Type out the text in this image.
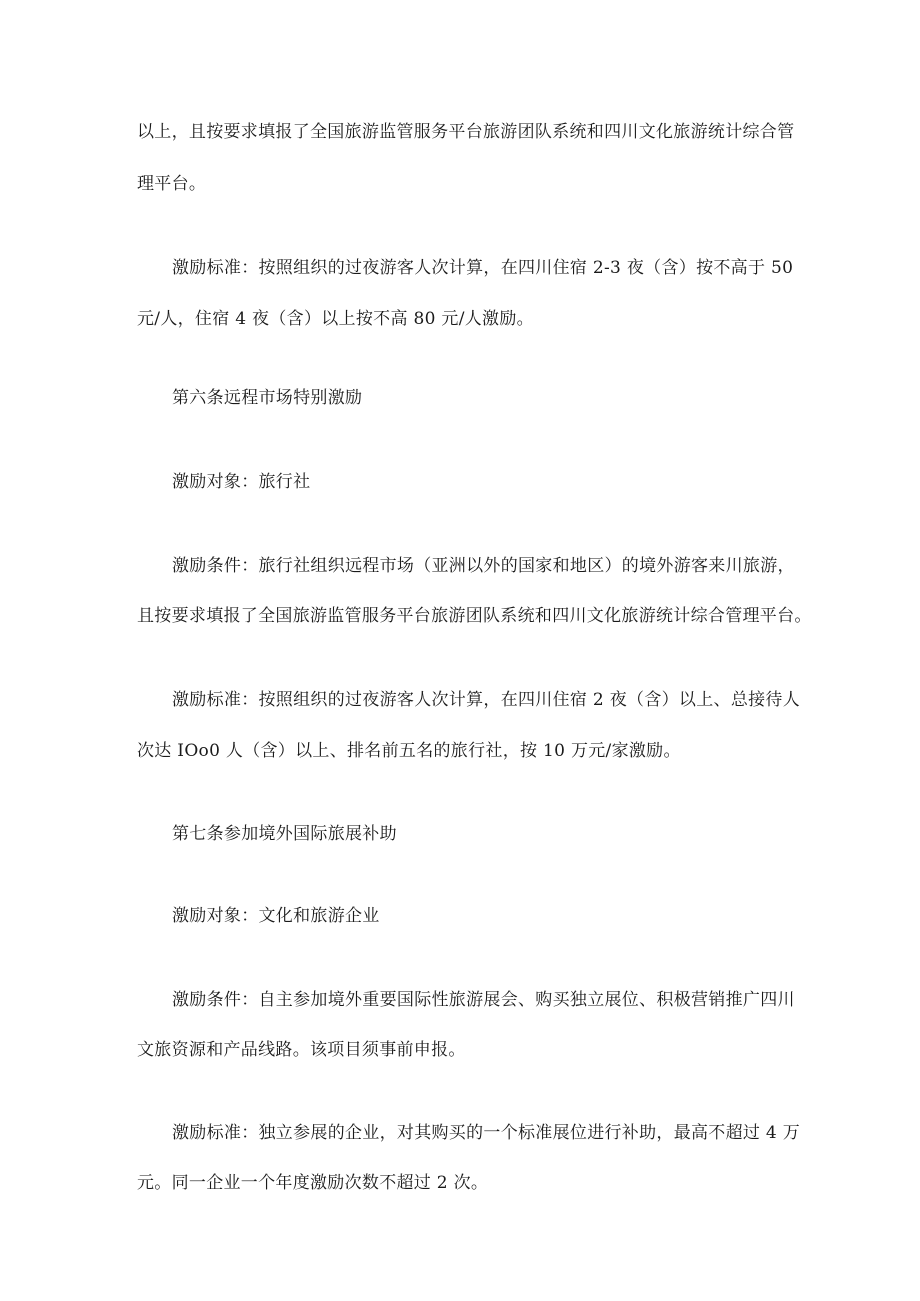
以上，且按要求填报了全国旅游监管服务平台旅游团队系统和四川文化旅游统计综合管
理平台。
激励标准：按照组织的过夜游客人次计算，在四川住宿 2-3 夜（含）按不高于 50
元/人，住宿 4 夜（含）以上按不高 80 元/人激励。
第六条远程市场特别激励
激励对象：旅行社
激励条件：旅行社组织远程市场（亚洲以外的国家和地区）的境外游客来川旅游，
且按要求填报了全国旅游监管服务平台旅游团队系统和四川文化旅游统计综合管理平台。
激励标准：按照组织的过夜游客人次计算，在四川住宿 2 夜（含）以上、总接待人
次达 IOo0 人（含）以上、排名前五名的旅行社，按 10 万元/家激励。
第七条参加境外国际旅展补助
激励对象：文化和旅游企业
激励条件：自主参加境外重要国际性旅游展会、购买独立展位、积极营销推广四川
文旅资源和产品线路。该项目须事前申报。
激励标准：独立参展的企业，对其购买的一个标准展位进行补助，最高不超过 4 万
元。同一企业一个年度激励次数不超过 2 次。
